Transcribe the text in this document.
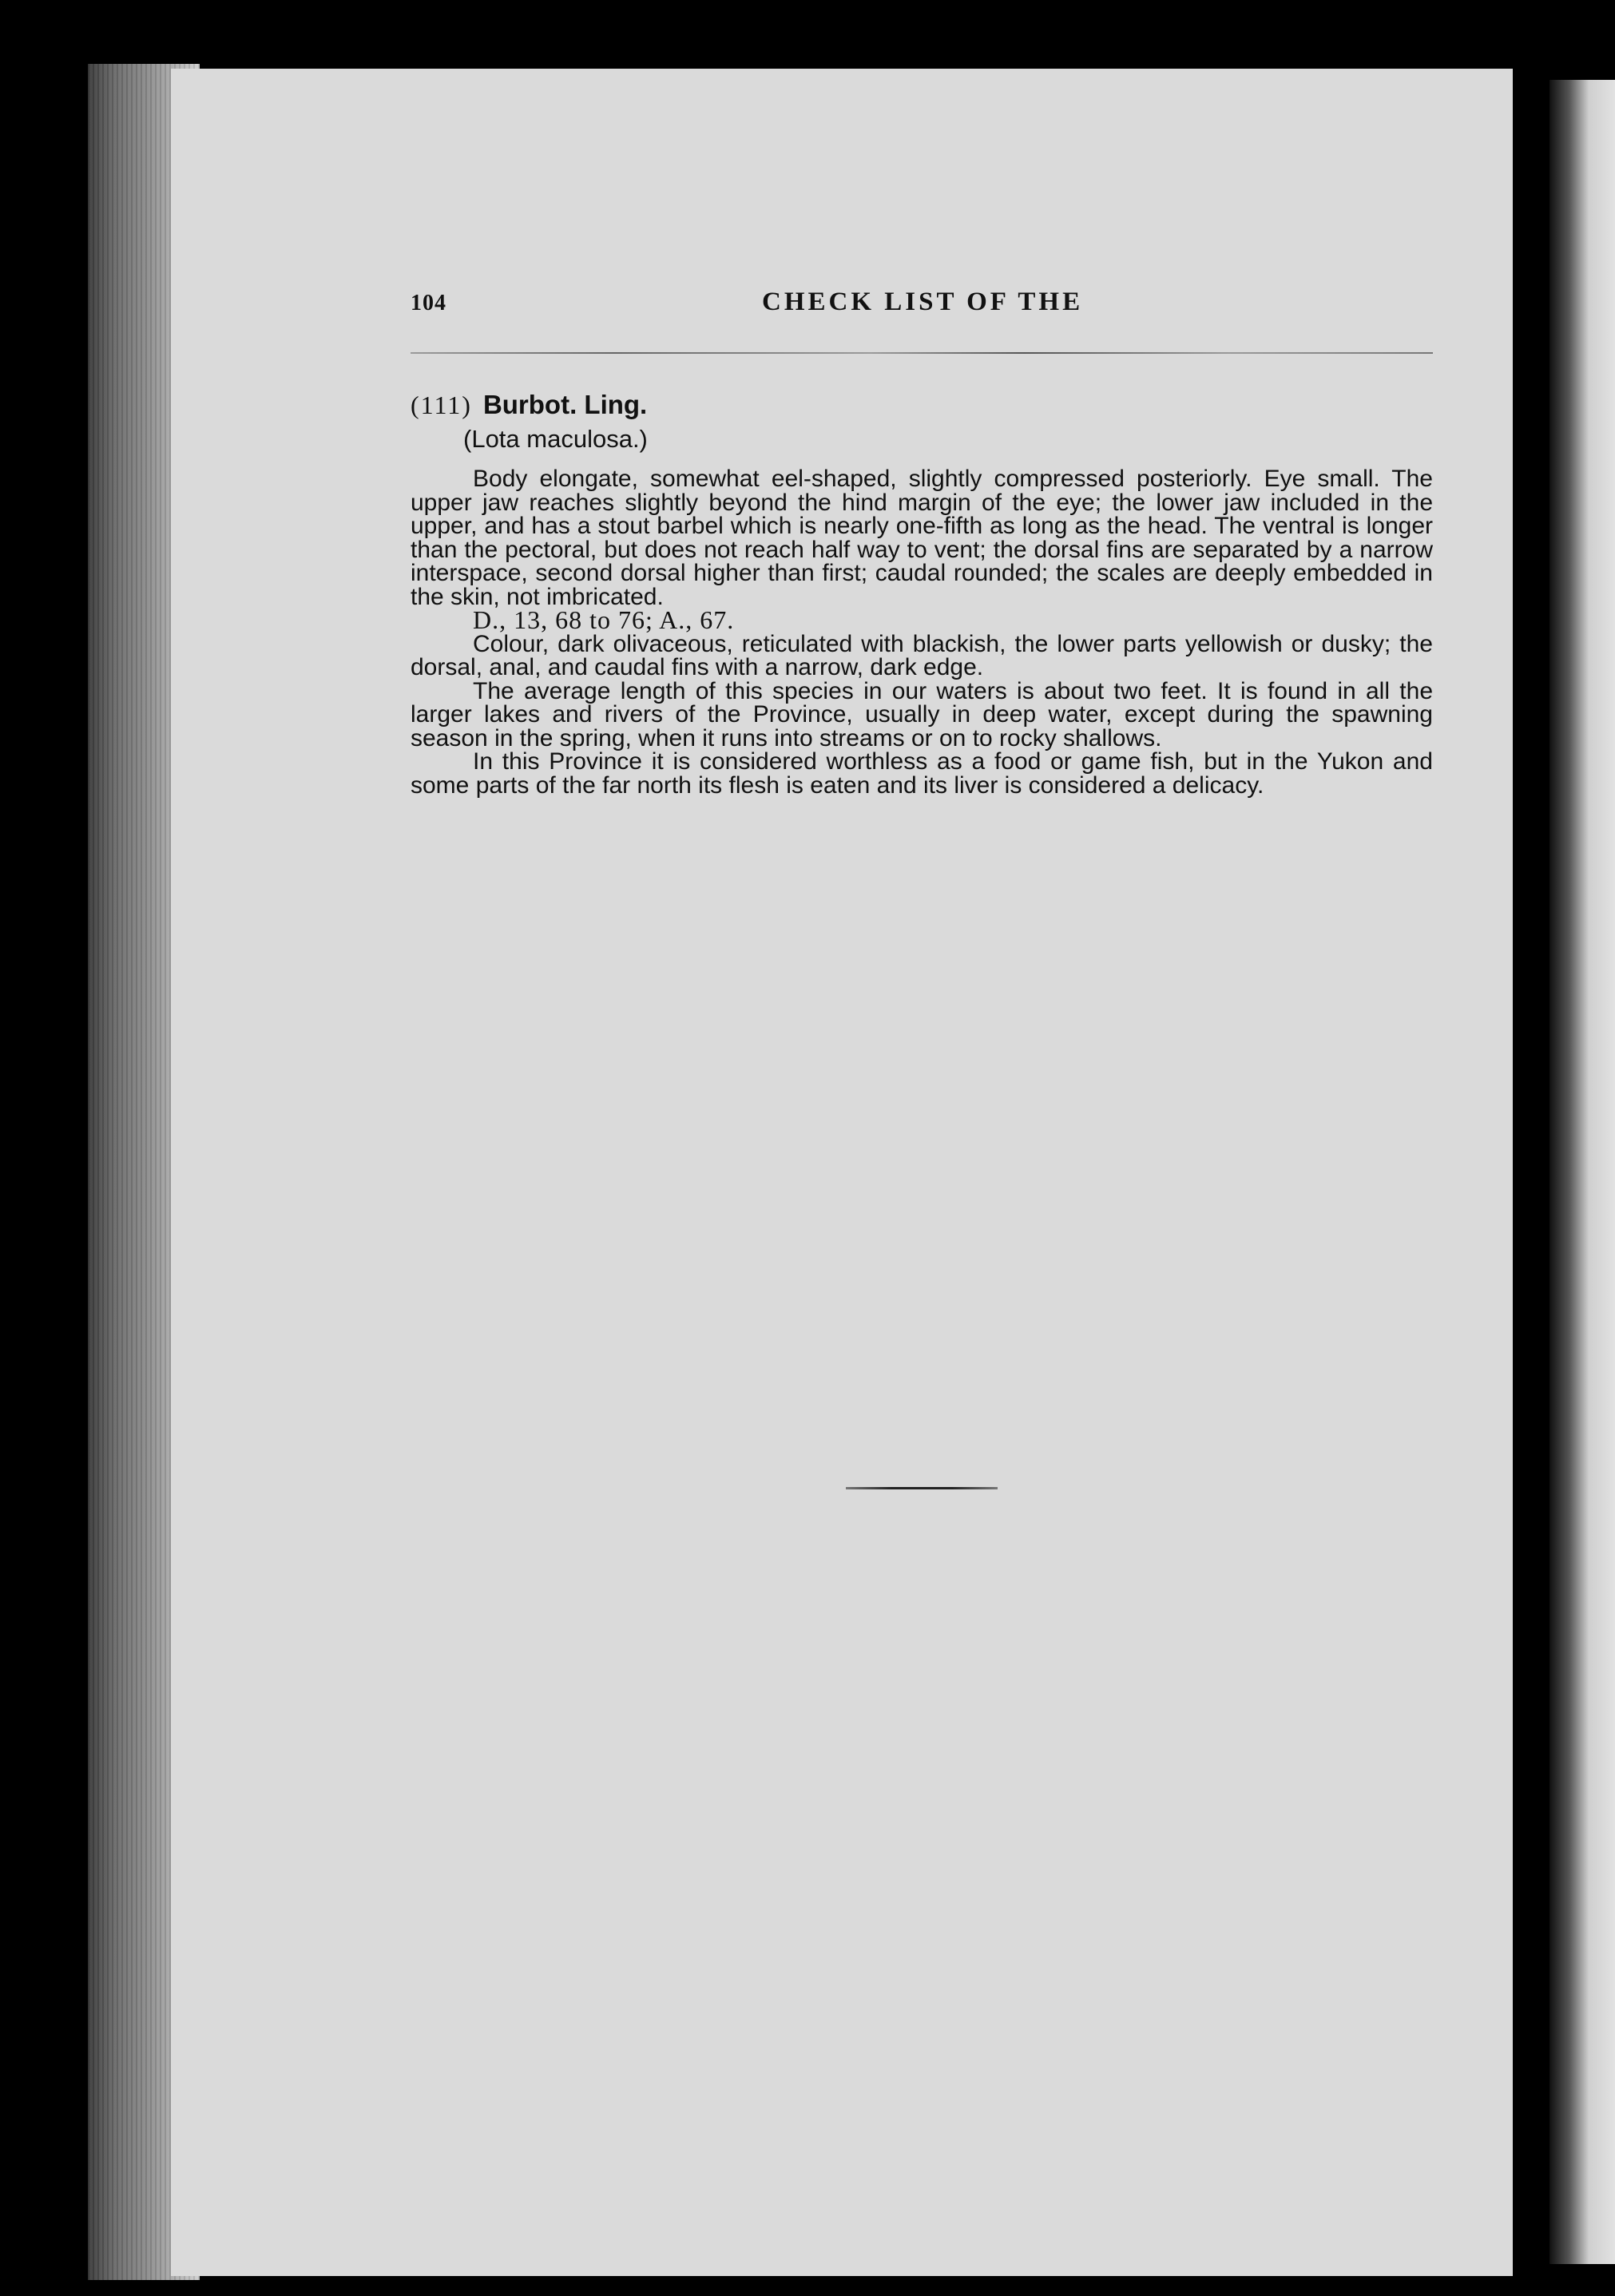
104	CHECK LIST OF THE
(111) Burbot. Ling.
(Lota maculosa.)

Body elongate, somewhat eel-shaped, slightly compressed posteriorly. Eye small. The upper jaw reaches slightly beyond the hind margin of the eye; the lower jaw included in the upper, and has a stout barbel which is nearly one-fifth as long as the head. The ventral is longer than the pectoral, but does not reach half way to vent; the dorsal fins are separated by a narrow interspace, second dorsal higher than first; caudal rounded; the scales are deeply embedded in the skin, not imbricated.

D., 13, 68 to 76; A., 67.

Colour, dark olivaceous, reticulated with blackish, the lower parts yellowish or dusky; the dorsal, anal, and caudal fins with a narrow, dark edge.

The average length of this species in our waters is about two feet. It is found in all the larger lakes and rivers of the Province, usually in deep water, except during the spawning season in the spring, when it runs into streams or on to rocky shallows.

In this Province it is considered worthless as a food or game fish, but in the Yukon and some parts of the far north its flesh is eaten and its liver is considered a delicacy.
